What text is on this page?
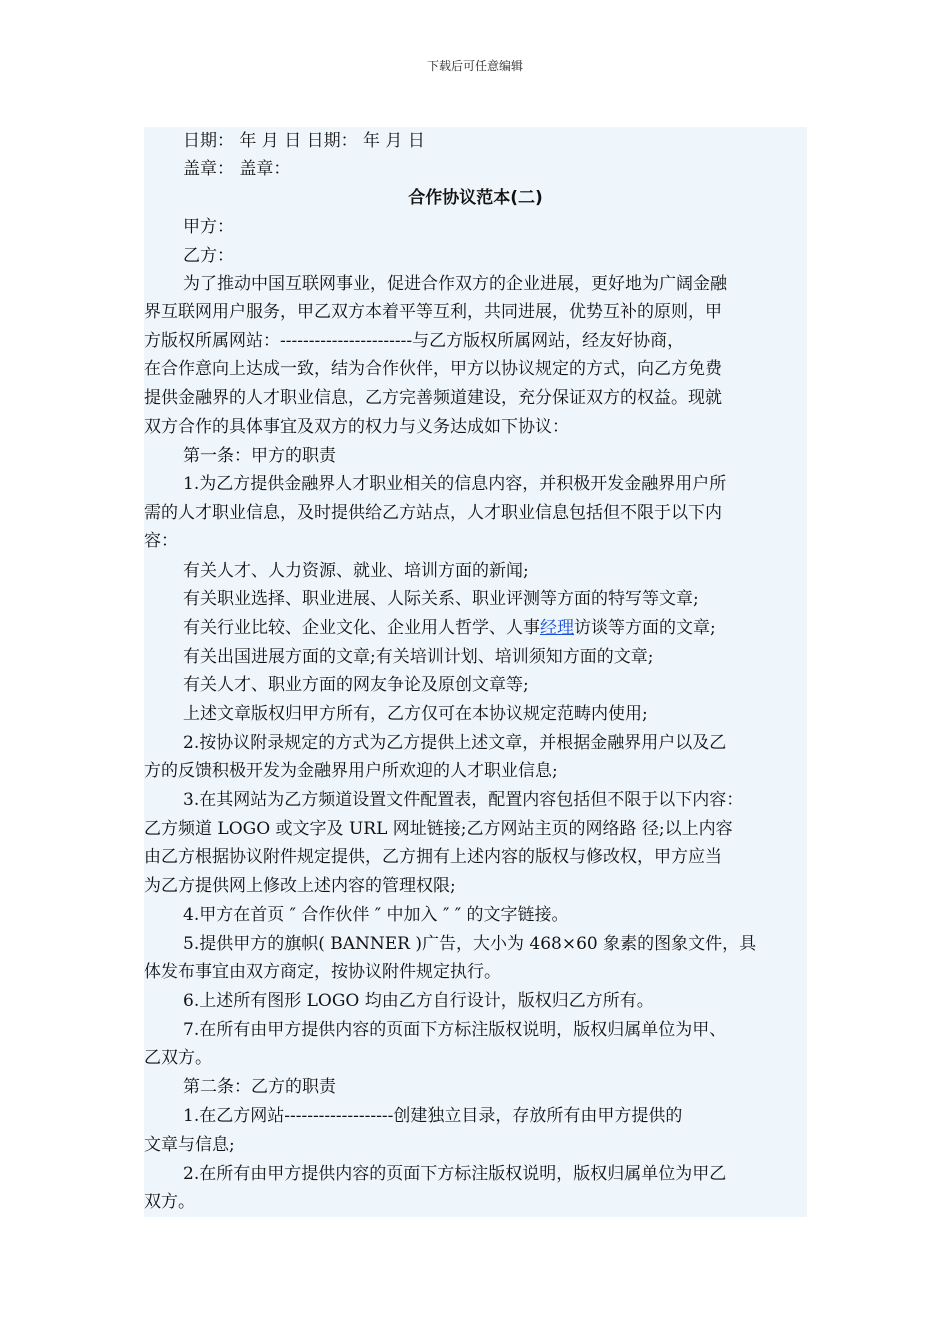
下载后可任意编辑
日期： 年 月 日 日期： 年 月 日
盖章： 盖章：
合作协议范本(二)
甲方：
乙方：
为了推动中国互联网事业，促进合作双方的企业进展，更好地为广阔金融
界互联网用户服务，甲乙双方本着平等互利，共同进展，优势互补的原则，甲
方版权所属网站：-----------------------与乙方版权所属网站，经友好协商，
在合作意向上达成一致，结为合作伙伴，甲方以协议规定的方式，向乙方免费
提供金融界的人才职业信息，乙方完善频道建设，充分保证双方的权益。现就
双方合作的具体事宜及双方的权力与义务达成如下协议：
第一条：甲方的职责
1.为乙方提供金融界人才职业相关的信息内容，并积极开发金融界用户所
需的人才职业信息，及时提供给乙方站点，人才职业信息包括但不限于以下内
容：
有关人才、人力资源、就业、培训方面的新闻;
有关职业选择、职业进展、人际关系、职业评测等方面的特写等文章;
有关行业比较、企业文化、企业用人哲学、人事经理访谈等方面的文章;
有关出国进展方面的文章;有关培训计划、培训须知方面的文章;
有关人才、职业方面的网友争论及原创文章等;
上述文章版权归甲方所有，乙方仅可在本协议规定范畴内使用;
2.按协议附录规定的方式为乙方提供上述文章，并根据金融界用户以及乙
方的反馈积极开发为金融界用户所欢迎的人才职业信息;
3.在其网站为乙方频道设置文件配置表，配置内容包括但不限于以下内容：
乙方频道 LOGO 或文字及 URL 网址链接;乙方网站主页的网络路 径;以上内容
由乙方根据协议附件规定提供，乙方拥有上述内容的版权与修改权，甲方应当
为乙方提供网上修改上述内容的管理权限;
4.甲方在首页 ″ 合作伙伴 ″ 中加入 ″ ″ 的文字链接。
5.提供甲方的旗帜( BANNER )广告，大小为 468×60 象素的图象文件，具
体发布事宜由双方商定，按协议附件规定执行。
6.上述所有图形 LOGO 均由乙方自行设计，版权归乙方所有。
7.在所有由甲方提供内容的页面下方标注版权说明，版权归属单位为甲、
乙双方。
第二条：乙方的职责
1.在乙方网站-------------------创建独立目录，存放所有由甲方提供的
文章与信息;
2.在所有由甲方提供内容的页面下方标注版权说明，版权归属单位为甲乙
双方。
